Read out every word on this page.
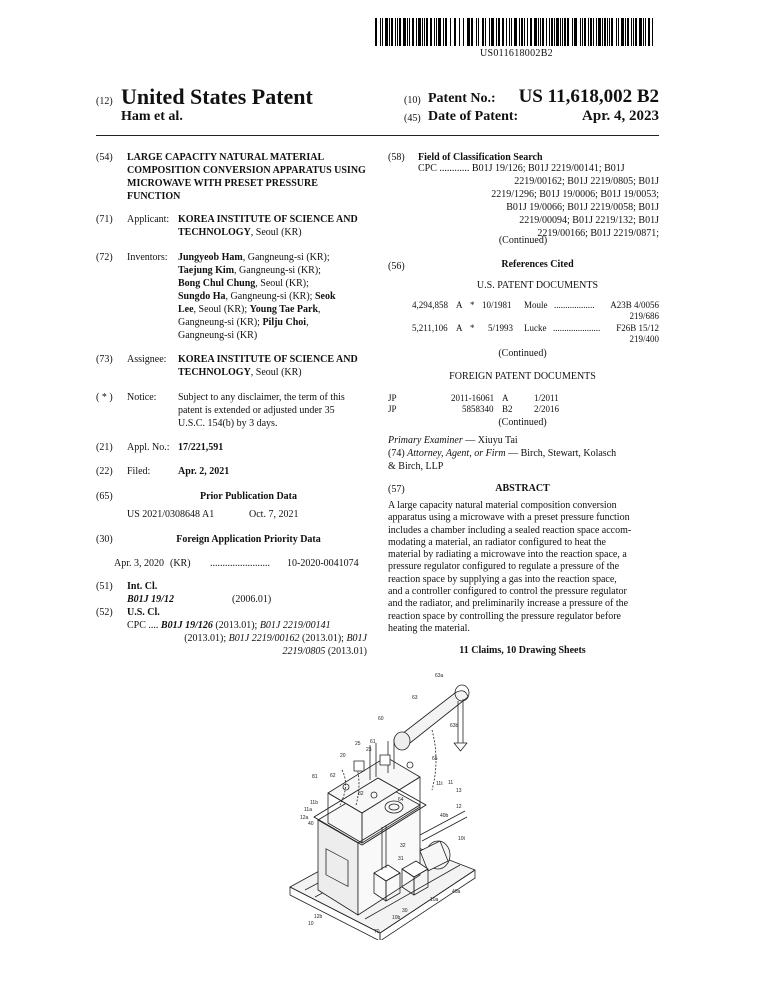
US011618002B2
(12) United States Patent
Ham et al.
(10) Patent No.:	US 11,618,002 B2
(45) Date of Patent:	Apr. 4, 2023
(54) LARGE CAPACITY NATURAL MATERIAL COMPOSITION CONVERSION APPARATUS USING MICROWAVE WITH PRESET PRESSURE FUNCTION
(71) Applicant: KOREA INSTITUTE OF SCIENCE AND TECHNOLOGY, Seoul (KR)
(72) Inventors: Jungyeob Ham, Gangneung-si (KR);
Taejung Kim, Gangneung-si (KR);
Bong Chul Chung, Seoul (KR);
Sungdo Ha, Gangneung-si (KR); Seok
Lee, Seoul (KR); Young Tae Park,
Gangneung-si (KR); Pilju Choi,
Gangneung-si (KR)
(73) Assignee: KOREA INSTITUTE OF SCIENCE AND TECHNOLOGY, Seoul (KR)
( * ) Notice: Subject to any disclaimer, the term of this
patent is extended or adjusted under 35
U.S.C. 154(b) by 3 days.
(21) Appl. No.: 17/221,591
(22) Filed:	Apr. 2, 2021
(65)	Prior Publication Data
US 2021/0308648 A1	Oct. 7, 2021
(30)	Foreign Application Priority Data
Apr. 3, 2020 (KR) ........................	10-2020-0041074
(51) Int. Cl.
B01J 19/12	(2006.01)
(52) U.S. Cl.
CPC .... B01J 19/126 (2013.01); B01J 2219/00141
(2013.01); B01J 2219/00162 (2013.01); B01J
2219/0805 (2013.01)
(58) Field of Classification Search
CPC ............ B01J 19/126; B01J 2219/00141; B01J
2219/00162; B01J 2219/0805; B01J
2219/1296; B01J 19/0006; B01J 19/0053;
B01J 19/0066; B01J 2219/0058; B01J
2219/00094; B01J 2219/132; B01J
2219/00166; B01J 2219/0871;
(Continued)
(56)	References Cited
U.S. PATENT DOCUMENTS
4,294,858 A * 10/1981 Moule ..................	A23B 4/0056
219/686
5,211,106 A * 5/1993 Lucke .....................	F26B 15/12
219/400
(Continued)
FOREIGN PATENT DOCUMENTS
JP	2011-16061 A	1/2011
JP	5858340 B2 2/2016
(Continued)
Primary Examiner — Xiuyu Tai
(74) Attorney, Agent, or Firm — Birch, Stewart, Kolasch
& Birch, LLP
(57)	ABSTRACT
A large capacity natural material composition conversion
apparatus using a microwave with a preset pressure function
includes a chamber including a sealed reaction space accom-
modating a material, an radiator configured to heat the
material by radiating a microwave into the reaction space, a
pressure regulator configured to regulate a pressure of the
reaction space by supplying a gas into the reaction space,
and a controller configured to control the pressure regulator
and the radiator, and preliminarily increase a pressure of the
reaction space by controlling the pressure regulator before
heating the material.
11 Claims, 10 Drawing Sheets
63a
63
60
63b
61
25
23
20
62
81
65
82
11
13
64
12
40b
11b
11a
12a
40
10t
40a
32
31
10a
30
10b
70
12b
10
11t
